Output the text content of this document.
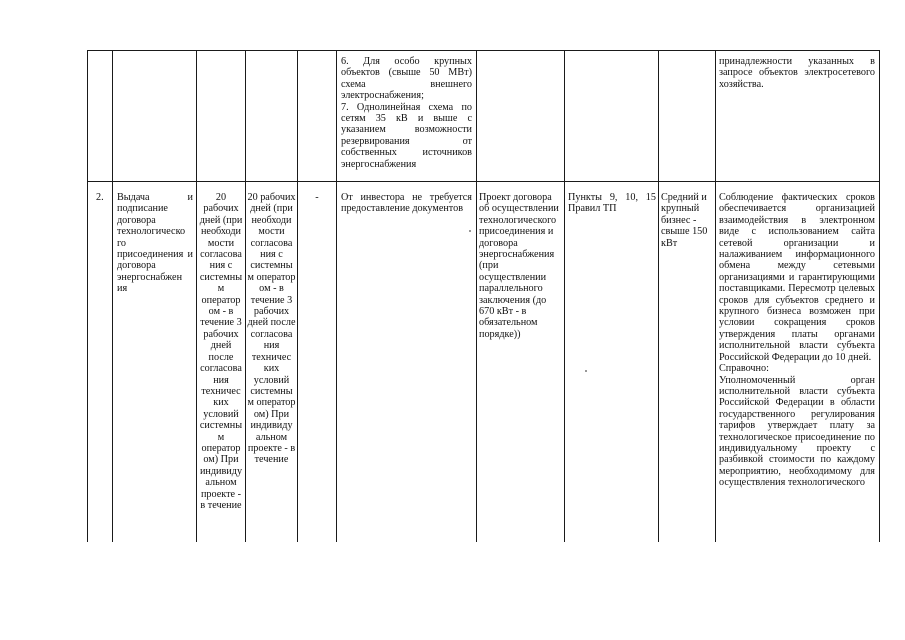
6. Для особо крупных объектов (свыше 50 МВт) схема внешнего электроснабжения;
7. Однолинейная схема по сетям 35 кВ и выше с указанием возможности резервирования от собственных источников энергоснабжения
принадлежности указанных в запросе объектов электросетевого хозяйства.
2.	Выдача и подписание договора технологическо го присоединения и договора энергоснабжен ия
20 рабочих дней (при необходи мости согласова ния с системны м оператор ом - в течение 3 рабочих дней после согласова ния техничес ких условий системны м оператор ом) При индивиду альном проекте - в течение
20 рабочих дней (при необходи мости согласова ния с системны м оператор ом - в течение 3 рабочих дней после согласова ния техничес ких условий системны м оператор ом) При индивиду альном проекте - в течение
-	От инвестора не требуется предоставление документов
Проект договора об осуществлении технологического присоединения и договора энергоснабжения (при осуществлении параллельного заключения (до 670 кВт - в обязательном порядке))
Пункты 9, 10, 15 Правил ТП
Средний и крупный бизнес - свыше 150 кВт
Соблюдение фактических сроков обеспечивается организацией взаимодействия в электронном виде с использованием сайта сетевой организации и налаживанием информационного обмена между сетевыми организациями и гарантирующими поставщиками. Пересмотр целевых сроков для субъектов среднего и крупного бизнеса возможен при условии сокращения сроков утверждения платы органами исполнительной власти субъекта Российской Федерации до 10 дней.
Справочно:
Уполномоченный орган исполнительной власти субъекта Российской Федерации в области государственного регулирования тарифов утверждает плату за технологическое присоединение по индивидуальному проекту с разбивкой стоимости по каждому мероприятию, необходимому для осуществления технологического
